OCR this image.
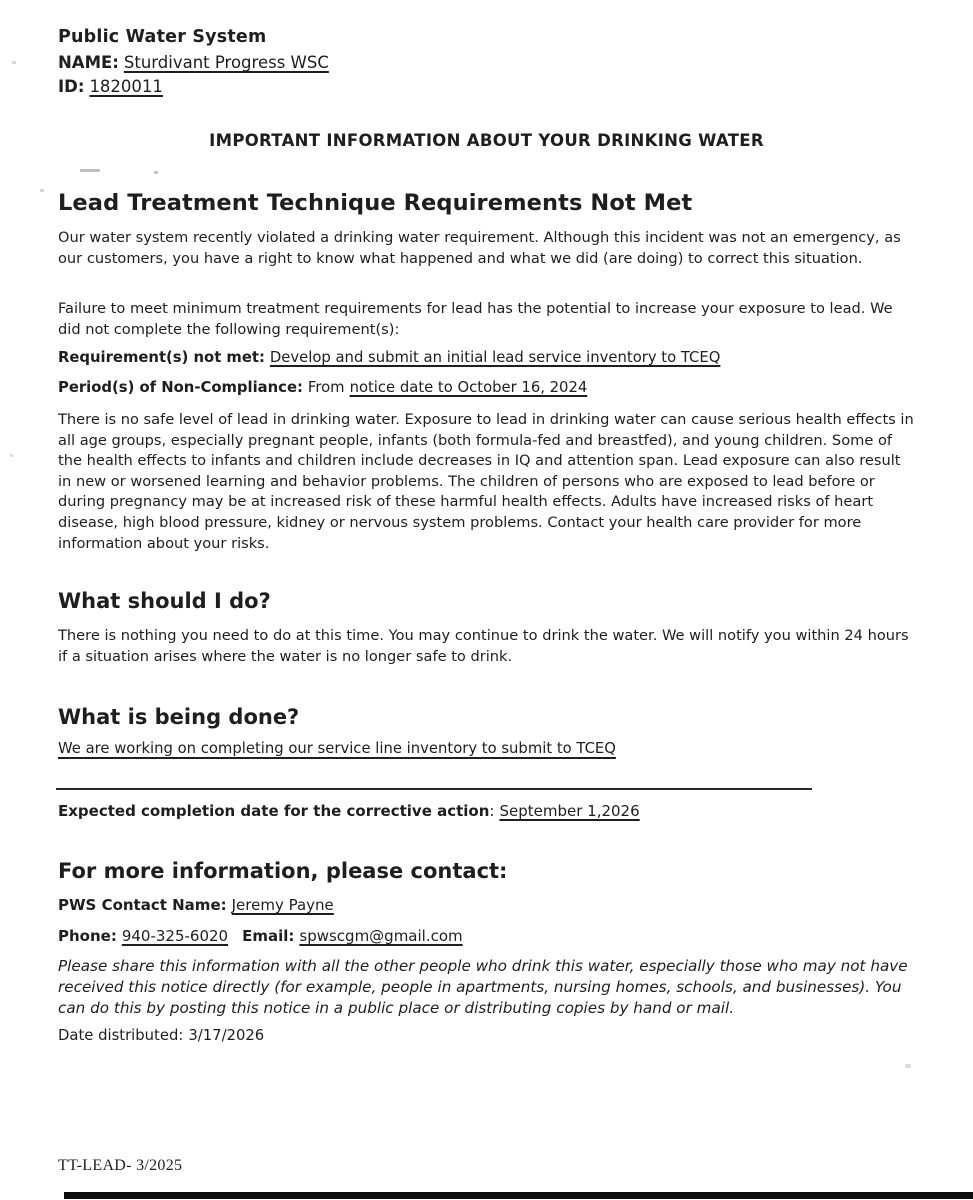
Public Water System
NAME: Sturdivant Progress WSC
ID: 1820011
IMPORTANT INFORMATION ABOUT YOUR DRINKING WATER
Lead Treatment Technique Requirements Not Met
Our water system recently violated a drinking water requirement. Although this incident was not an emergency, as our customers, you have a right to know what happened and what we did (are doing) to correct this situation.
Failure to meet minimum treatment requirements for lead has the potential to increase your exposure to lead. We did not complete the following requirement(s):
Requirement(s) not met: Develop and submit an initial lead service inventory to TCEQ
Period(s) of Non-Compliance: From notice date to October 16, 2024
There is no safe level of lead in drinking water. Exposure to lead in drinking water can cause serious health effects in all age groups, especially pregnant people, infants (both formula-fed and breastfed), and young children. Some of the health effects to infants and children include decreases in IQ and attention span. Lead exposure can also result in new or worsened learning and behavior problems. The children of persons who are exposed to lead before or during pregnancy may be at increased risk of these harmful health effects. Adults have increased risks of heart disease, high blood pressure, kidney or nervous system problems. Contact your health care provider for more information about your risks.
What should I do?
There is nothing you need to do at this time. You may continue to drink the water. We will notify you within 24 hours if a situation arises where the water is no longer safe to drink.
What is being done?
We are working on completing our service line inventory to submit to TCEQ
Expected completion date for the corrective action: September 1,2026
For more information, please contact:
PWS Contact Name: Jeremy Payne
Phone: 940-325-6020 Email: spwscgm@gmail.com
Please share this information with all the other people who drink this water, especially those who may not have received this notice directly (for example, people in apartments, nursing homes, schools, and businesses). You can do this by posting this notice in a public place or distributing copies by hand or mail.
Date distributed: 3/17/2026
TT-LEAD- 3/2025
